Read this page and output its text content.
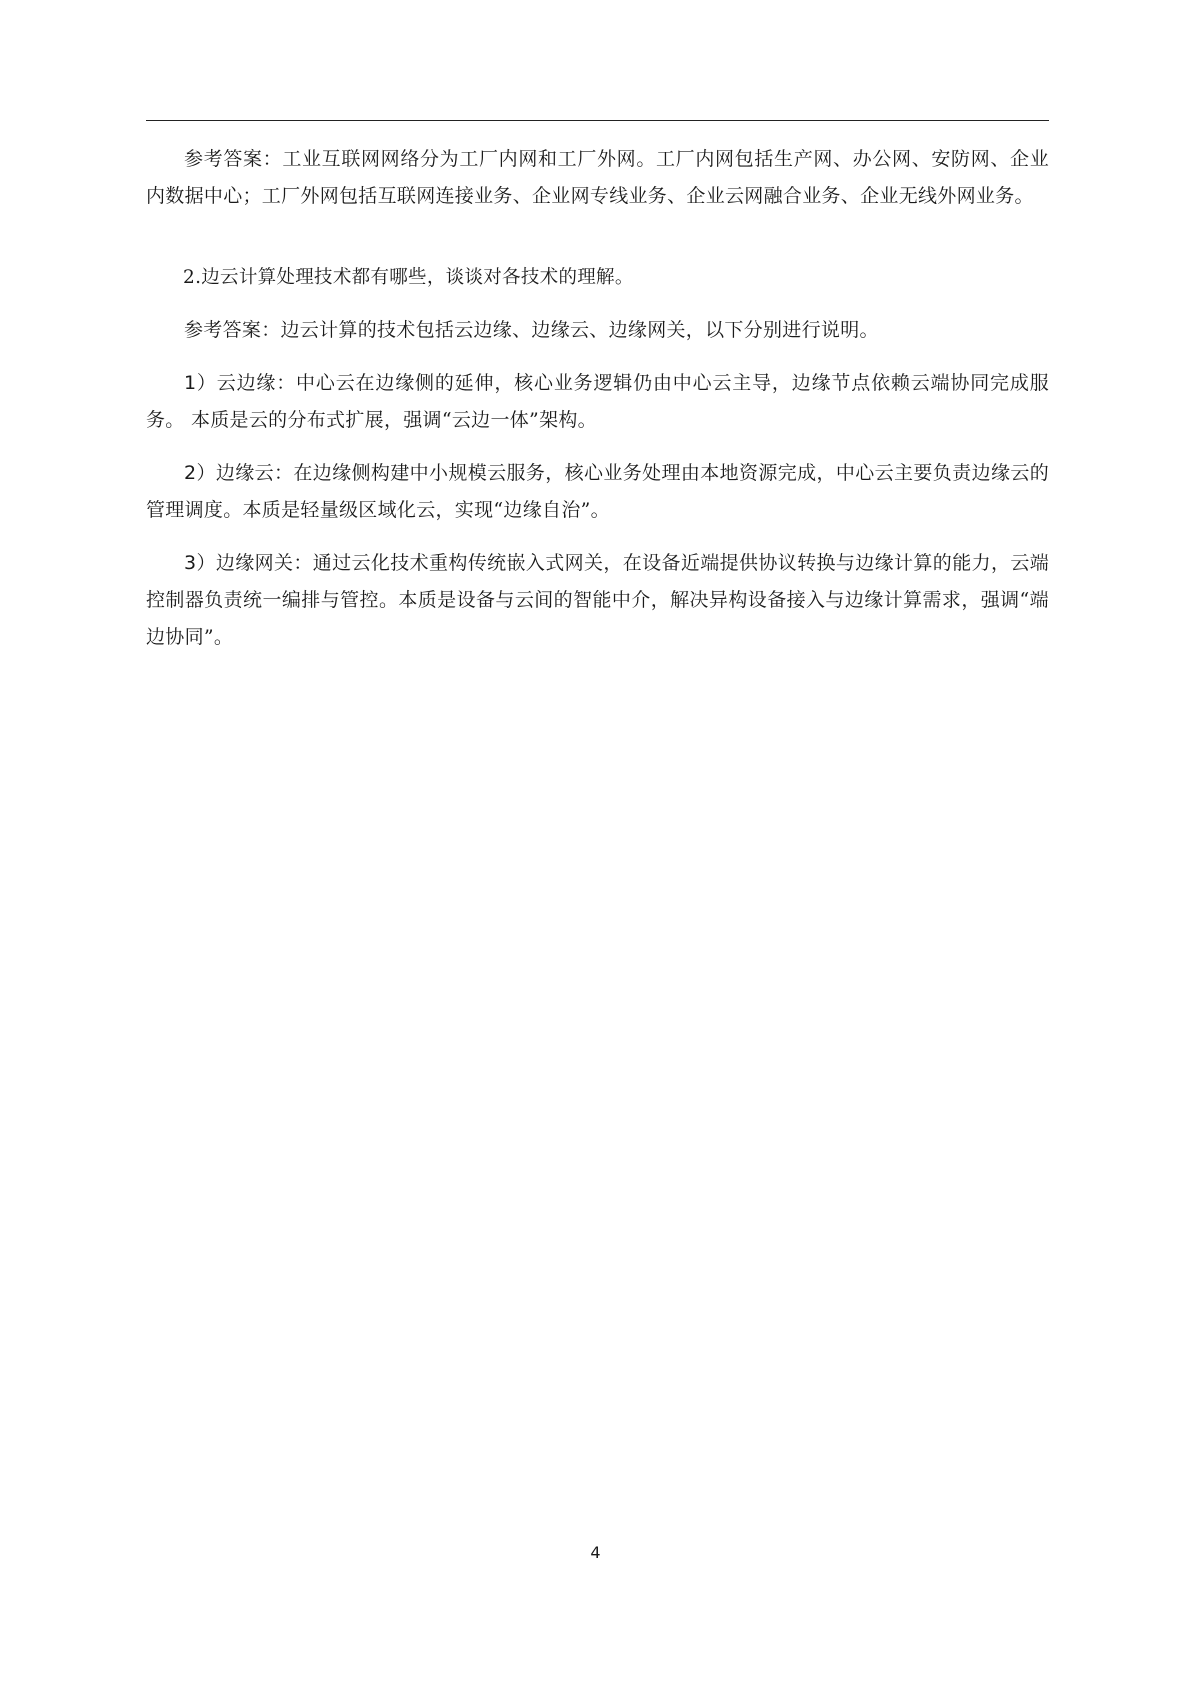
参考答案：工业互联网网络分为工厂内网和工厂外网。工厂内网包括生产网、办公网、安防网、企业内数据中心；工厂外网包括互联网连接业务、企业网专线业务、企业云网融合业务、企业无线外网业务。

2.边云计算处理技术都有哪些，谈谈对各技术的理解。

参考答案：边云计算的技术包括云边缘、边缘云、边缘网关，以下分别进行说明。

1）云边缘：中心云在边缘侧的延伸，核心业务逻辑仍由中心云主导，边缘节点依赖云端协同完成服务。 本质是云的分布式扩展，强调“云边一体”架构。

2）边缘云：在边缘侧构建中小规模云服务，核心业务处理由本地资源完成，中心云主要负责边缘云的管理调度。本质是轻量级区域化云，实现“边缘自治”。

3）边缘网关：通过云化技术重构传统嵌入式网关，在设备近端提供协议转换与边缘计算的能力，云端控制器负责统一编排与管控。本质是设备与云间的智能中介，解决异构设备接入与边缘计算需求，强调“端边协同”。

4
